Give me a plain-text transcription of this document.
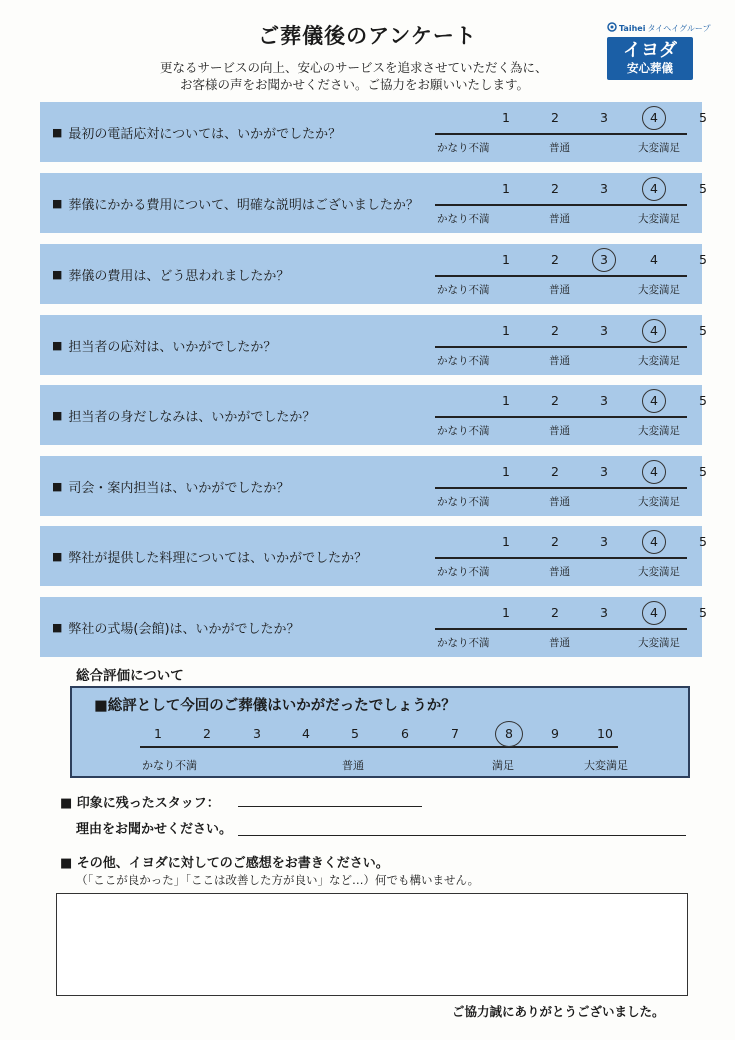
ご葬儀後のアンケート
更なるサービスの向上、安心のサービスを追求させていただく為に、
お客様の声をお聞かせください。ご協力をお願いいたします。
Taihei タイヘイグループ
イヨダ
安心葬儀
■ 最初の電話応対については、いかがでしたか？
1	2	3	4	5
かなり不満	普通	大変満足
■ 葬儀にかかる費用について、明確な説明はございましたか？
1	2	3	4	5
かなり不満	普通	大変満足
■ 葬儀の費用は、どう思われましたか？
1	2	3	4	5
かなり不満	普通	大変満足
■ 担当者の応対は、いかがでしたか？
1	2	3	4	5
かなり不満	普通	大変満足
■ 担当者の身だしなみは、いかがでしたか？
1	2	3	4	5
かなり不満	普通	大変満足
■ 司会・案内担当は、いかがでしたか？
1	2	3	4	5
かなり不満	普通	大変満足
■ 弊社が提供した料理については、いかがでしたか？
1	2	3	4	5
かなり不満	普通	大変満足
■ 弊社の式場(会館)は、いかがでしたか？
1	2	3	4	5
かなり不満	普通	大変満足
総合評価について
■総評として今回のご葬儀はいかがだったでしょうか？
1	2	3	4	5	6	7	8	9	10
かなり不満	普通	満足	大変満足
■ 印象に残ったスタッフ：
理由をお聞かせください。
■ その他、イヨダに対してのご感想をお書きください。
（「ここが良かった」「ここは改善した方が良い」など…）何でも構いません。
ご協力誠にありがとうございました。
